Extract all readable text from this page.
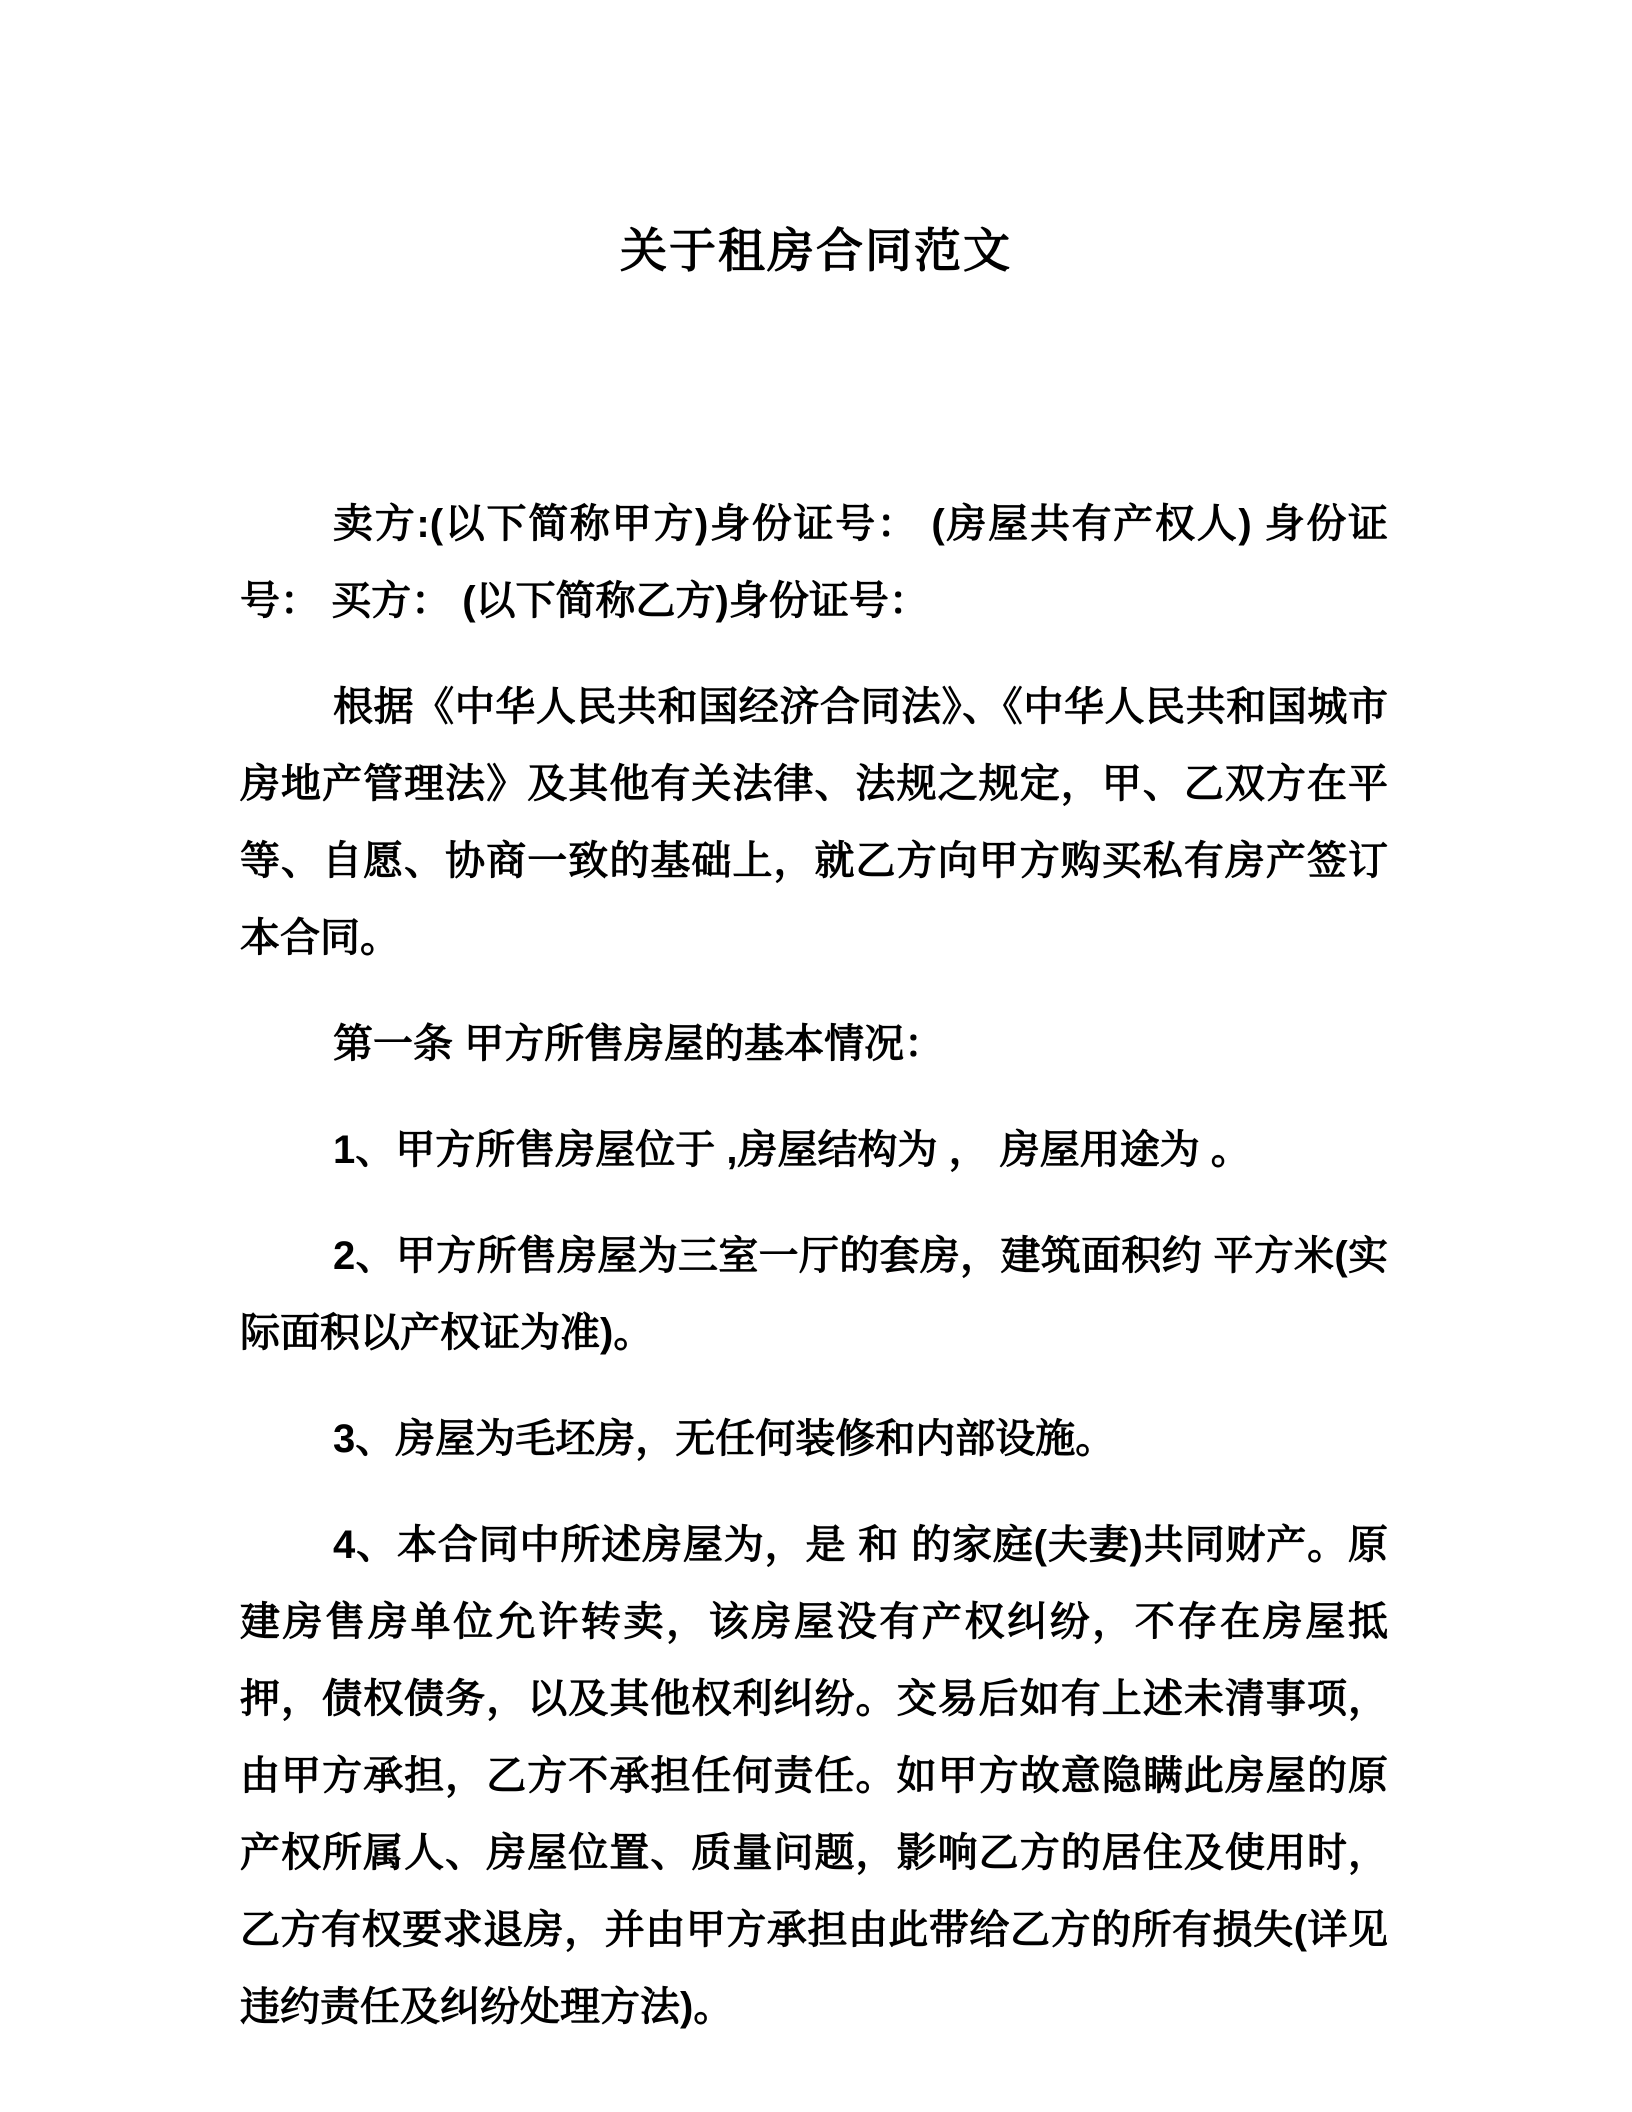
关于租房合同范文

卖方:(以下简称甲方)身份证号： (房屋共有产权人) 身份证号： 买方： (以下简称乙方)身份证号：

根据《中华人民共和国经济合同法》、《中华人民共和国城市房地产管理法》及其他有关法律、法规之规定，甲、乙双方在平等、自愿、协商一致的基础上，就乙方向甲方购买私有房产签订本合同。

第一条 甲方所售房屋的基本情况：

1、甲方所售房屋位于 ,房屋结构为 ， 房屋用途为 。

2、甲方所售房屋为三室一厅的套房，建筑面积约 平方米(实际面积以产权证为准)。

3、房屋为毛坯房，无任何装修和内部设施。

4、本合同中所述房屋为，是 和 的家庭(夫妻)共同财产。原建房售房单位允许转卖，该房屋没有产权纠纷，不存在房屋抵押，债权债务，以及其他权利纠纷。交易后如有上述未清事项，由甲方承担，乙方不承担任何责任。如甲方故意隐瞒此房屋的原产权所属人、房屋位置、质量问题，影响乙方的居住及使用时，乙方有权要求退房，并由甲方承担由此带给乙方的所有损失(详见违约责任及纠纷处理方法)。
